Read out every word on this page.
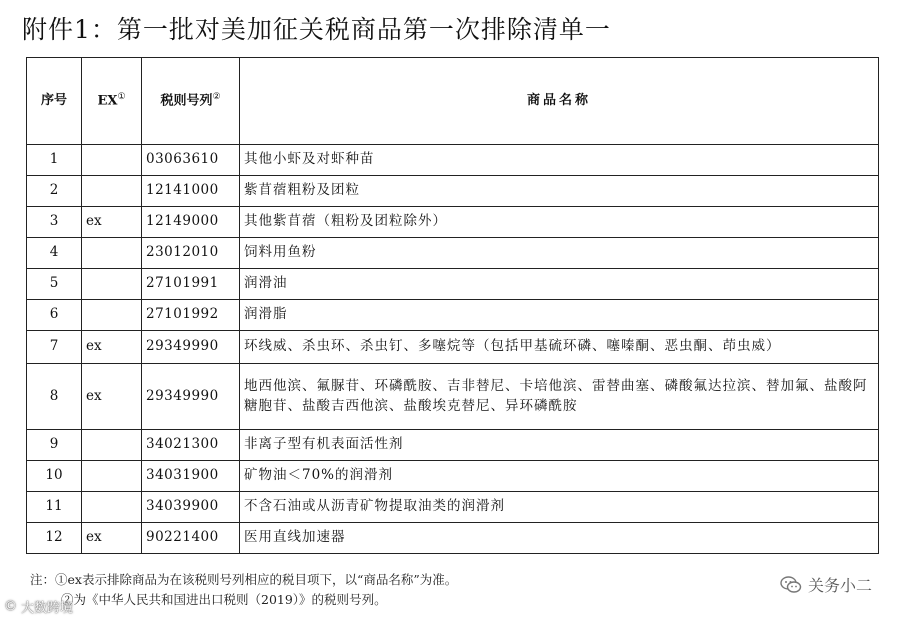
附件1：第一批对美加征关税商品第一次排除清单一
序号	EX①	税则号列②	商品名称
1		03063610	其他小虾及对虾种苗
2		12141000	紫苜蓿粗粉及团粒
3	ex	12149000	其他紫苜蓿（粗粉及团粒除外）
4		23012010	饲料用鱼粉
5		27101991	润滑油
6		27101992	润滑脂
7	ex	29349990	环线威、杀虫环、杀虫钉、多噻烷等（包括甲基硫环磷、噻嗪酮、恶虫酮、茚虫威）
8	ex	29349990	地西他滨、氟脲苷、环磷酰胺、吉非替尼、卡培他滨、雷替曲塞、磷酸氟达拉滨、替加氟、盐酸阿糖胞苷、盐酸吉西他滨、盐酸埃克替尼、异环磷酰胺
9		34021300	非离子型有机表面活性剂
10		34031900	矿物油＜70%的润滑剂
11		34039900	不含石油或从沥青矿物提取油类的润滑剂
12	ex	90221400	医用直线加速器
注：①ex表示排除商品为在该税则号列相应的税目项下，以“商品名称”为准。
②为《中华人民共和国进出口税则（2019）》的税则号列。
关务小二
© 大数跨境
